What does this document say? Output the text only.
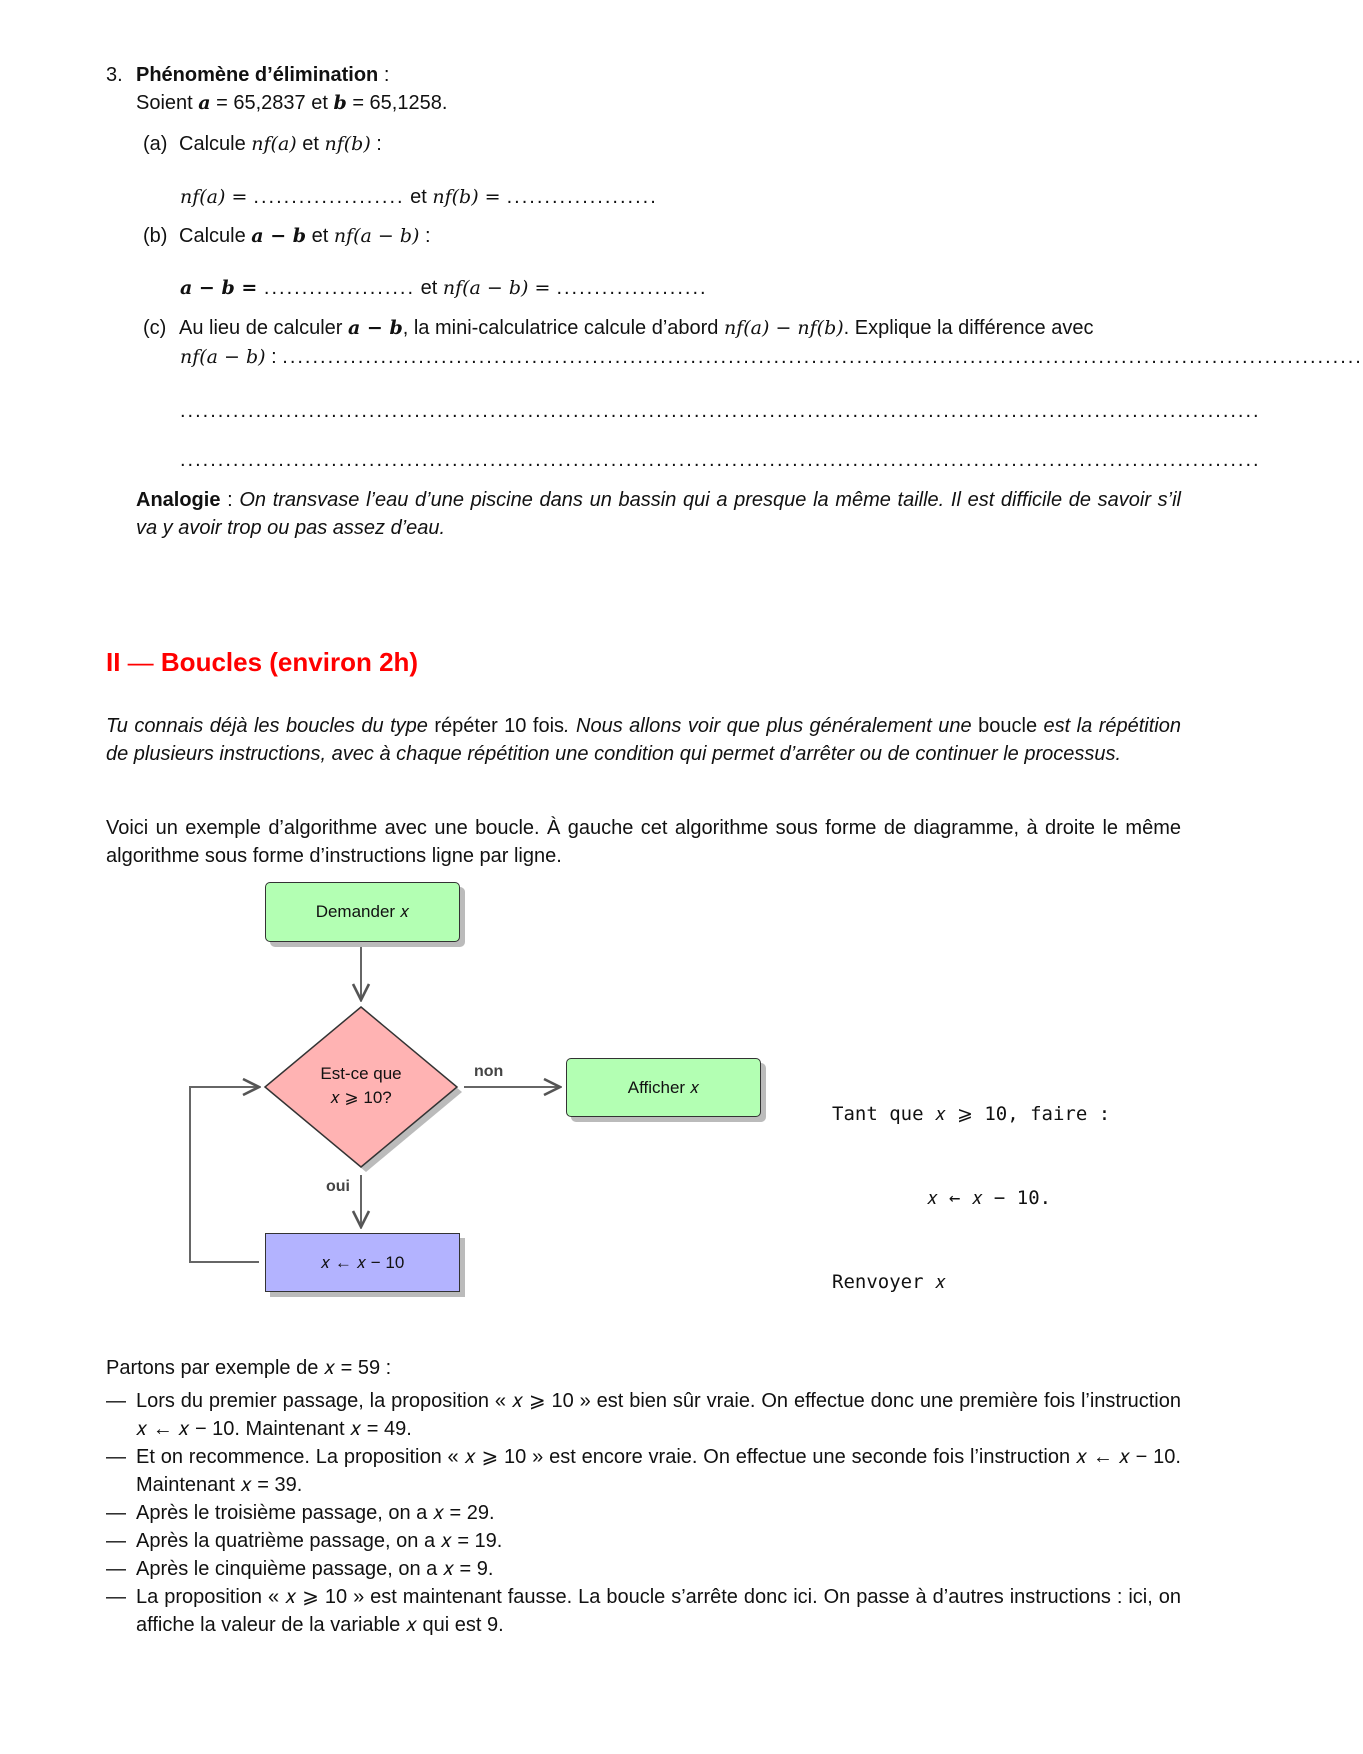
3. Phénomène d’élimination :
Soient a = 65,2837 et b = 65,1258.
(a) Calcule nf(a) et nf(b) :
nf(a) = .................... et nf(b) = ....................
(b) Calcule a − b et nf(a − b) :
a − b = .................... et nf(a − b) = ....................
(c) Au lieu de calculer a − b, la mini-calculatrice calcule d’abord nf(a) − nf(b). Explique la différence avec
nf(a − b) : ...............................................................................................................................................
...............................................................................................................................................
...............................................................................................................................................
Analogie : On transvase l’eau d’une piscine dans un bassin qui a presque la même taille. Il est difficile de savoir s’il va y avoir trop ou pas assez d’eau.
II — Boucles (environ 2h)
Tu connais déjà les boucles du type répéter 10 fois. Nous allons voir que plus généralement une boucle est la répétition de plusieurs instructions, avec à chaque répétition une condition qui permet d’arrêter ou de continuer le processus.
Voici un exemple d’algorithme avec une boucle. À gauche cet algorithme sous forme de diagramme, à droite le même algorithme sous forme d’instructions ligne par ligne.
Demander 𝑥
Est-ce que
𝑥 ⩾ 10?
non
oui
Afficher 𝑥
𝑥 ← 𝑥 − 10

Tant que 𝑥 ⩾ 10, faire :

𝑥 ← 𝑥 − 10.

Renvoyer 𝑥

Partons par exemple de 𝑥 = 59 :
— Lors du premier passage, la proposition « 𝑥 ⩾ 10 » est bien sûr vraie. On effectue donc une première fois l’instruction 𝑥 ← 𝑥 − 10. Maintenant 𝑥 = 49.
— Et on recommence. La proposition « 𝑥 ⩾ 10 » est encore vraie. On effectue une seconde fois l’instruction 𝑥 ← 𝑥 − 10. Maintenant 𝑥 = 39.
— Après le troisième passage, on a 𝑥 = 29.
— Après la quatrième passage, on a 𝑥 = 19.
— Après le cinquième passage, on a 𝑥 = 9.
— La proposition « 𝑥 ⩾ 10 » est maintenant fausse. La boucle s’arrête donc ici. On passe à d’autres instructions : ici, on affiche la valeur de la variable 𝑥 qui est 9.
